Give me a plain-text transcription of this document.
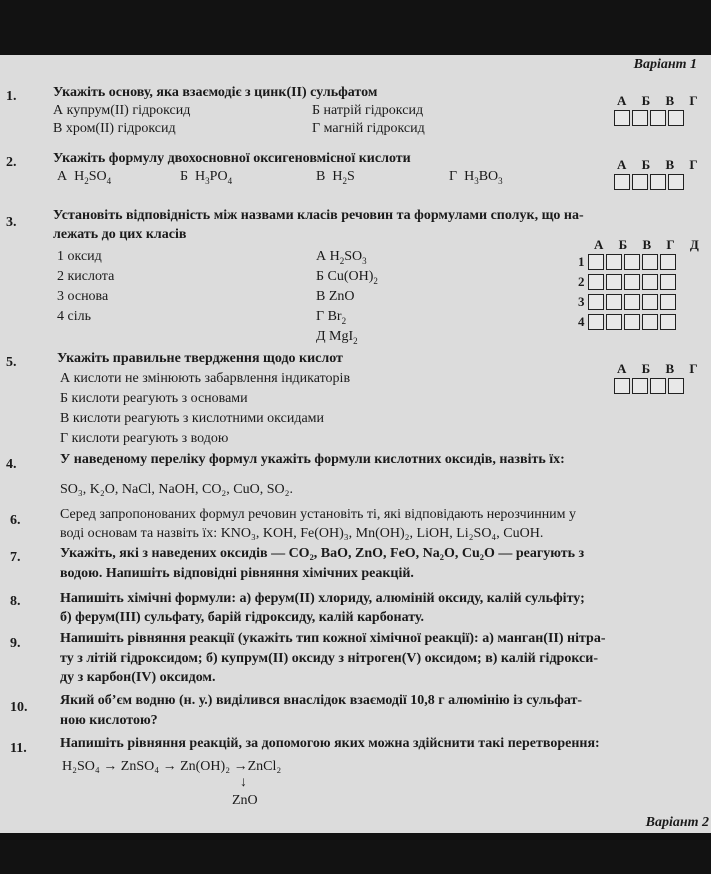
Варіант 1
1.	Укажіть основу, яка взаємодіє з цинк(II) сульфатом
А купрум(II) гідроксид	Б натрій гідроксид
В хром(II) гідроксид	Г магній гідроксид
А Б В Г
2.	Укажіть формулу двохосновної оксигеновмісної кислоти
А $H_2SO_4$	Б $H_3PO_4$	В $H_2S$	Г $H_3BO_3$
А Б В Г
3.	Установіть відповідність між назвами класів речовин та формулами сполук, що на-
лежать до цих класів
1 оксид
2 кислота
3 основа
4 сіль
А $H_2SO_3$
Б $Cu(OH)_2$
В ZnO
Г $Br_2$
Д MgI$_2$
А Б В Г Д
1
2
3
4
5.	Укажіть правильне твердження щодо кислот
А кислоти не змінюють забарвлення індикаторів
Б кислоти реагують з основами
В кислоти реагують з кислотними оксидами
Г кислоти реагують з водою
А Б В Г
4.	У наведеному переліку формул укажіть формули кислотних оксидів, назвіть їх:
SO₃, K₂O, NaCl, NaOH, CO₂, CuO, SO₂.
6.	Серед запропонованих формул речовин установіть ті, які відповідають нерозчинним у
воді основам та назвіть їх: KNO₃, KOH, Fe(OH)₃, Mn(OH)₂, LiOH, Li₂SO₄, CuOH.
7.	Укажіть, які з наведених оксидів — CO₂, BaO, ZnO, FeO, Na₂O, Cu₂O — реагують з
водою. Напишіть відповідні рівняння хімічних реакцій.
8.	Напишіть хімічні формули: а) ферум(II) хлориду, алюміній оксиду, калій сульфіту;
б) ферум(III) сульфату, барій гідроксиду, калій карбонату.
9.	Напишіть рівняння реакції (укажіть тип кожної хімічної реакції): а) манган(II) нітра-
ту з літій гідроксидом; б) купрум(II) оксиду з нітроген(V) оксидом; в) калій гідрокси-
ду з карбон(IV) оксидом.
10. Який об’єм водню (н. у.) виділився внаслідок взаємодії 10,8 г алюмінію із сульфат-
ною кислотою?
11. Напишіть рівняння реакцій, за допомогою яких можна здійснити такі перетворення:
H₂SO₄ → ZnSO₄ → Zn(OH)₂ →ZnCl₂
↓
ZnO
Варіант 2
